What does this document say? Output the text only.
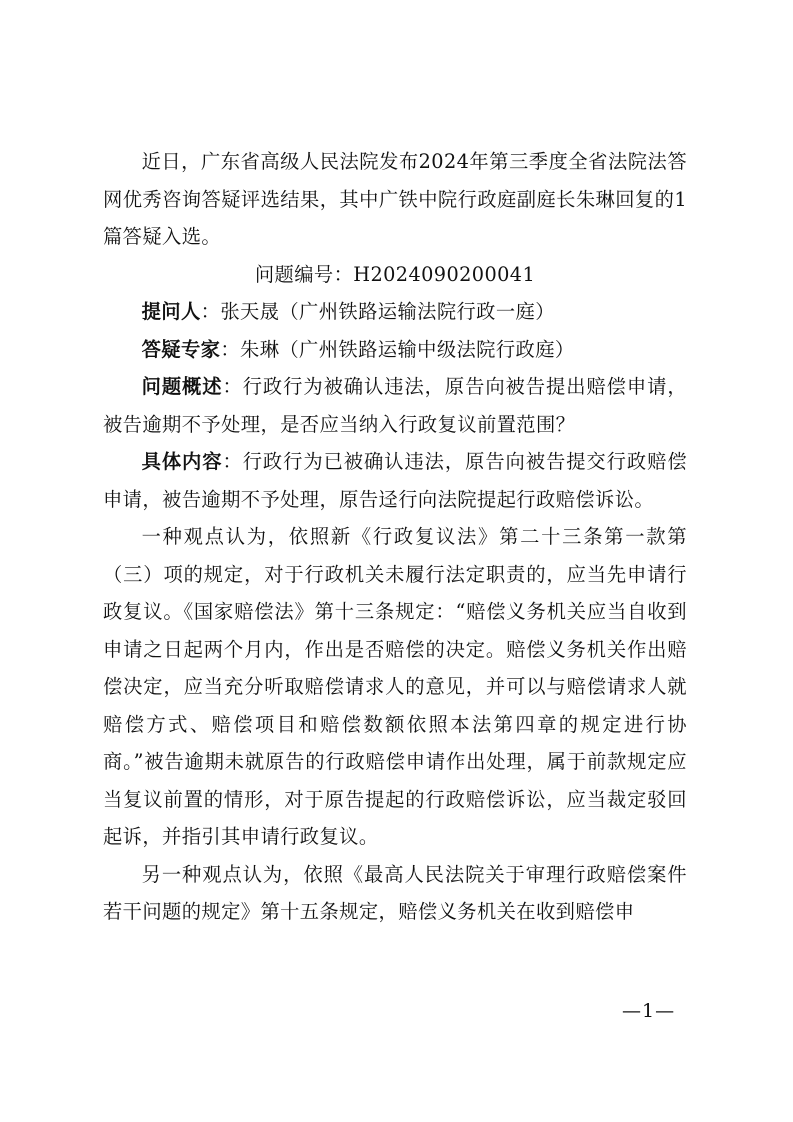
近日，广东省高级人民法院发布2024年第三季度全省法院法答网优秀咨询答疑评选结果，其中广铁中院行政庭副庭长朱琳回复的1篇答疑入选。

问题编号：H2024090200041

提问人：张天晟（广州铁路运输法院行政一庭）

答疑专家：朱琳（广州铁路运输中级法院行政庭）

问题概述：行政行为被确认违法，原告向被告提出赔偿申请，被告逾期不予处理，是否应当纳入行政复议前置范围？

具体内容：行政行为已被确认违法，原告向被告提交行政赔偿申请，被告逾期不予处理，原告迳行向法院提起行政赔偿诉讼。

一种观点认为，依照新《行政复议法》第二十三条第一款第（三）项的规定，对于行政机关未履行法定职责的，应当先申请行政复议。《国家赔偿法》第十三条规定：“赔偿义务机关应当自收到申请之日起两个月内，作出是否赔偿的决定。赔偿义务机关作出赔偿决定，应当充分听取赔偿请求人的意见，并可以与赔偿请求人就赔偿方式、赔偿项目和赔偿数额依照本法第四章的规定进行协商。”被告逾期未就原告的行政赔偿申请作出处理，属于前款规定应当复议前置的情形，对于原告提起的行政赔偿诉讼，应当裁定驳回起诉，并指引其申请行政复议。

另一种观点认为，依照《最高人民法院关于审理行政赔偿案件若干问题的规定》第十五条规定，赔偿义务机关在收到赔偿申

—1—
